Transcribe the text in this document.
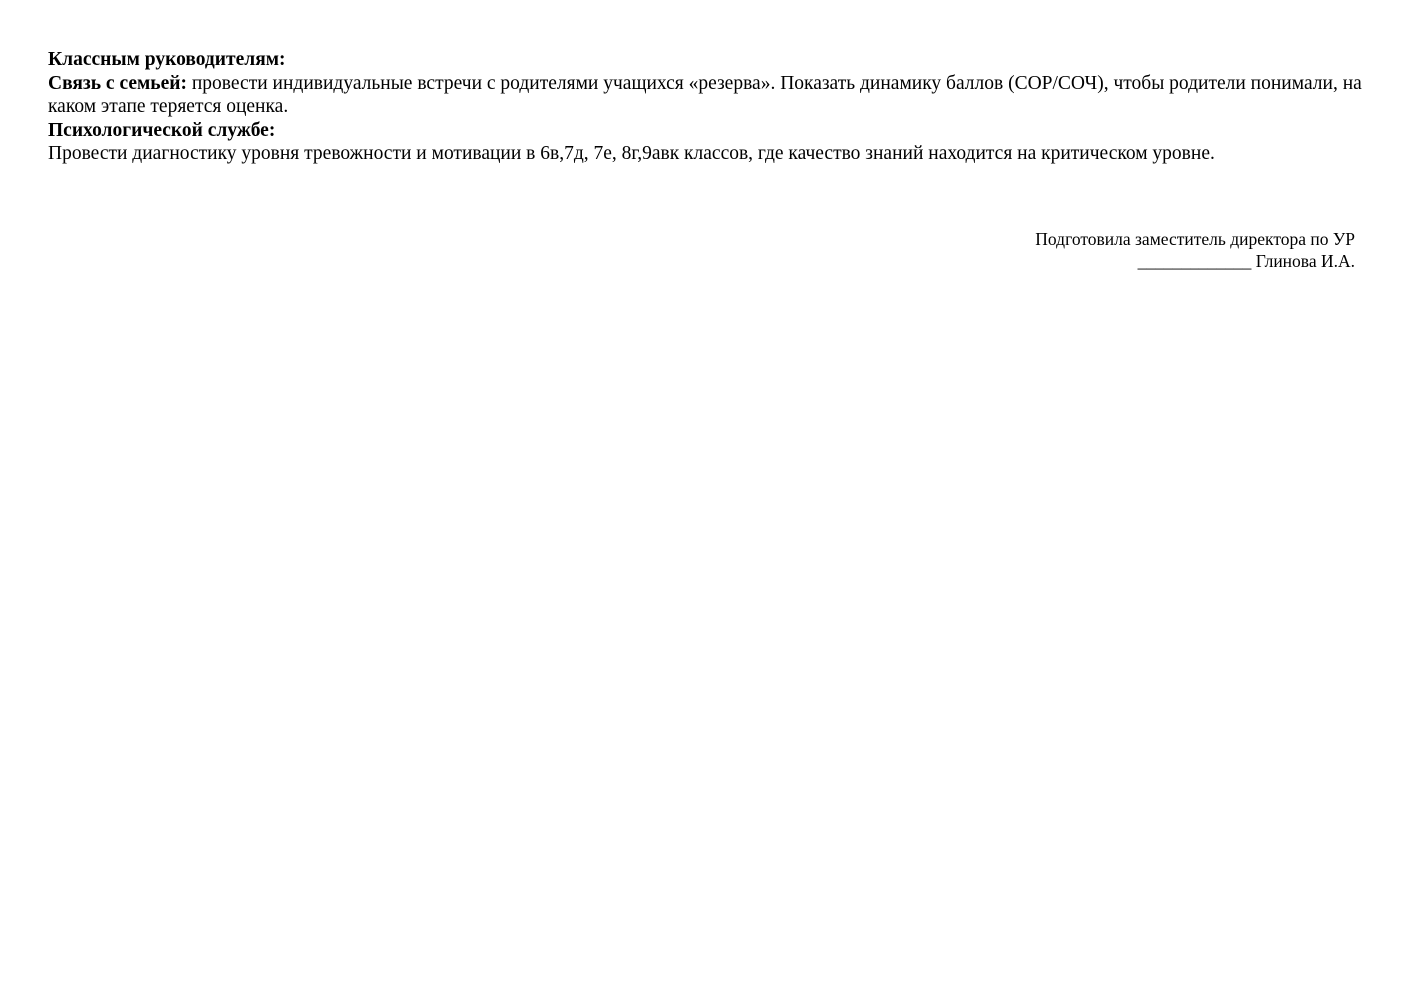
Классным руководителям:

Связь с семьей: провести индивидуальные встречи с родителями учащихся «резерва». Показать динамику баллов (СОР/СОЧ), чтобы родители понимали, на каком этапе теряется оценка.

Психологической службе:

Провести диагностику уровня тревожности и мотивации в 6в,7д, 7е, 8г,9авк классов, где качество знаний находится на критическом уровне.

Подготовила заместитель директора по УР

_____________ Глинова И.А.
